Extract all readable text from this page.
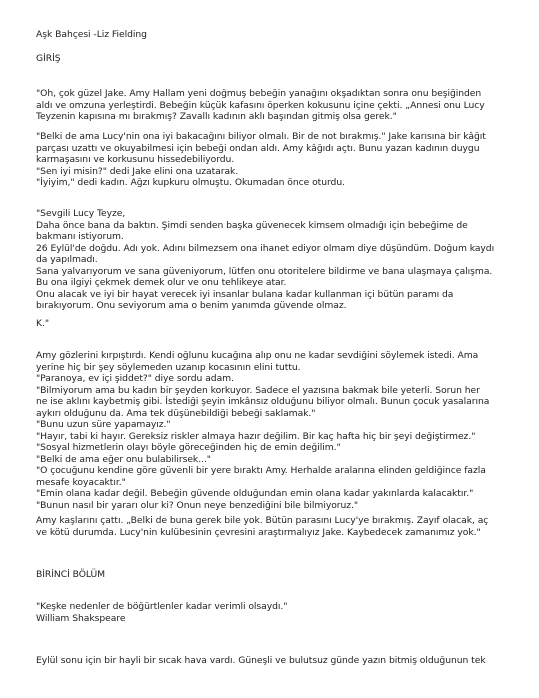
Aşk Bahçesi -Liz Fielding

GİRİŞ

"Oh, çok güzel Jake. Amy Hallam yeni doğmuş bebeğin yanağını okşadıktan sonra onu beşiğinden
aldı ve omzuna yerleştirdi. Bebeğin küçük kafasını öperken kokusunu içine çekti. „Annesi onu Lucy
Teyzenin kapısına mı bırakmış? Zavallı kadının aklı başından gitmiş olsa gerek."
"Belki de ama Lucy'nin ona iyi bakacağını biliyor olmalı. Bir de not bırakmış." Jake karısına bir kâğıt
parçası uzattı ve okuyabilmesi için bebeği ondan aldı. Amy kâğıdı açtı. Bunu yazan kadının duygu
karmaşasını ve korkusunu hissedebiliyordu.
"Sen iyi misin?" dedi Jake elini ona uzatarak.
"İyiyim," dedi kadın. Ağzı kupkuru olmuştu. Okumadan önce oturdu.
"Sevgili Lucy Teyze,
Daha önce bana da baktın. Şimdi senden başka güvenecek kimsem olmadığı için bebeğime de
bakmanı istiyorum.
26 Eylül'de doğdu. Adı yok. Adını bilmezsem ona ihanet ediyor olmam diye düşündüm. Doğum kaydı
da yapılmadı.
Sana yalvarıyorum ve sana güveniyorum, lütfen onu otoritelere bildirme ve bana ulaşmaya çalışma.
Bu ona ilgiyi çekmek demek olur ve onu tehlikeye atar.
Onu alacak ve iyi bir hayat verecek iyi insanlar bulana kadar kullanman içi bütün paramı da
bırakıyorum. Onu seviyorum ama o benim yanımda güvende olmaz.

K."

Amy gözlerini kırpıştırdı. Kendi oğlunu kucağına alıp onu ne kadar sevdiğini söylemek istedi. Ama
yerine hiç bir şey söylemeden uzanıp kocasının elini tuttu.
"Paranoya, ev içi şiddet?" diye sordu adam.
"Bilmiyorum ama bu kadın bir şeyden korkuyor. Sadece el yazısına bakmak bile yeterli. Sorun her
ne ise aklını kaybetmiş gibi. İstediği şeyin imkânsız olduğunu biliyor olmalı. Bunun çocuk yasalarına
aykırı olduğunu da. Ama tek düşünebildiği bebeği saklamak."
"Bunu uzun süre yapamayız."
"Hayır, tabi ki hayır. Gereksiz riskler almaya hazır değilim. Bir kaç hafta hiç bir şeyi değiştirmez."
"Sosyal hizmetlerin olayı böyle göreceğinden hiç de emin değilim."
"Belki de ama eğer onu bulabilirsek..."
"O çocuğunu kendine göre güvenli bir yere bıraktı Amy. Herhalde aralarına elinden geldiğince fazla
mesafe koyacaktır."
"Emin olana kadar değil. Bebeğin güvende olduğundan emin olana kadar yakınlarda kalacaktır."
"Bunun nasıl bir yararı olur ki? Onun neye benzediğini bile bilmiyoruz."
Amy kaşlarını çattı. „Belki de buna gerek bile yok. Bütün parasını Lucy'ye bırakmış. Zayıf olacak, aç
ve kötü durumda. Lucy'nin kulübesinin çevresini araştırmalıyız Jake. Kaybedecek zamanımız yok."

BİRİNCİ BÖLÜM

"Keşke nedenler de böğürtlenler kadar verimli olsaydı."
William Shakspeare
Eylül sonu için bir hayli bir sıcak hava vardı. Güneşli ve bulutsuz günde yazın bitmiş olduğunun tek
